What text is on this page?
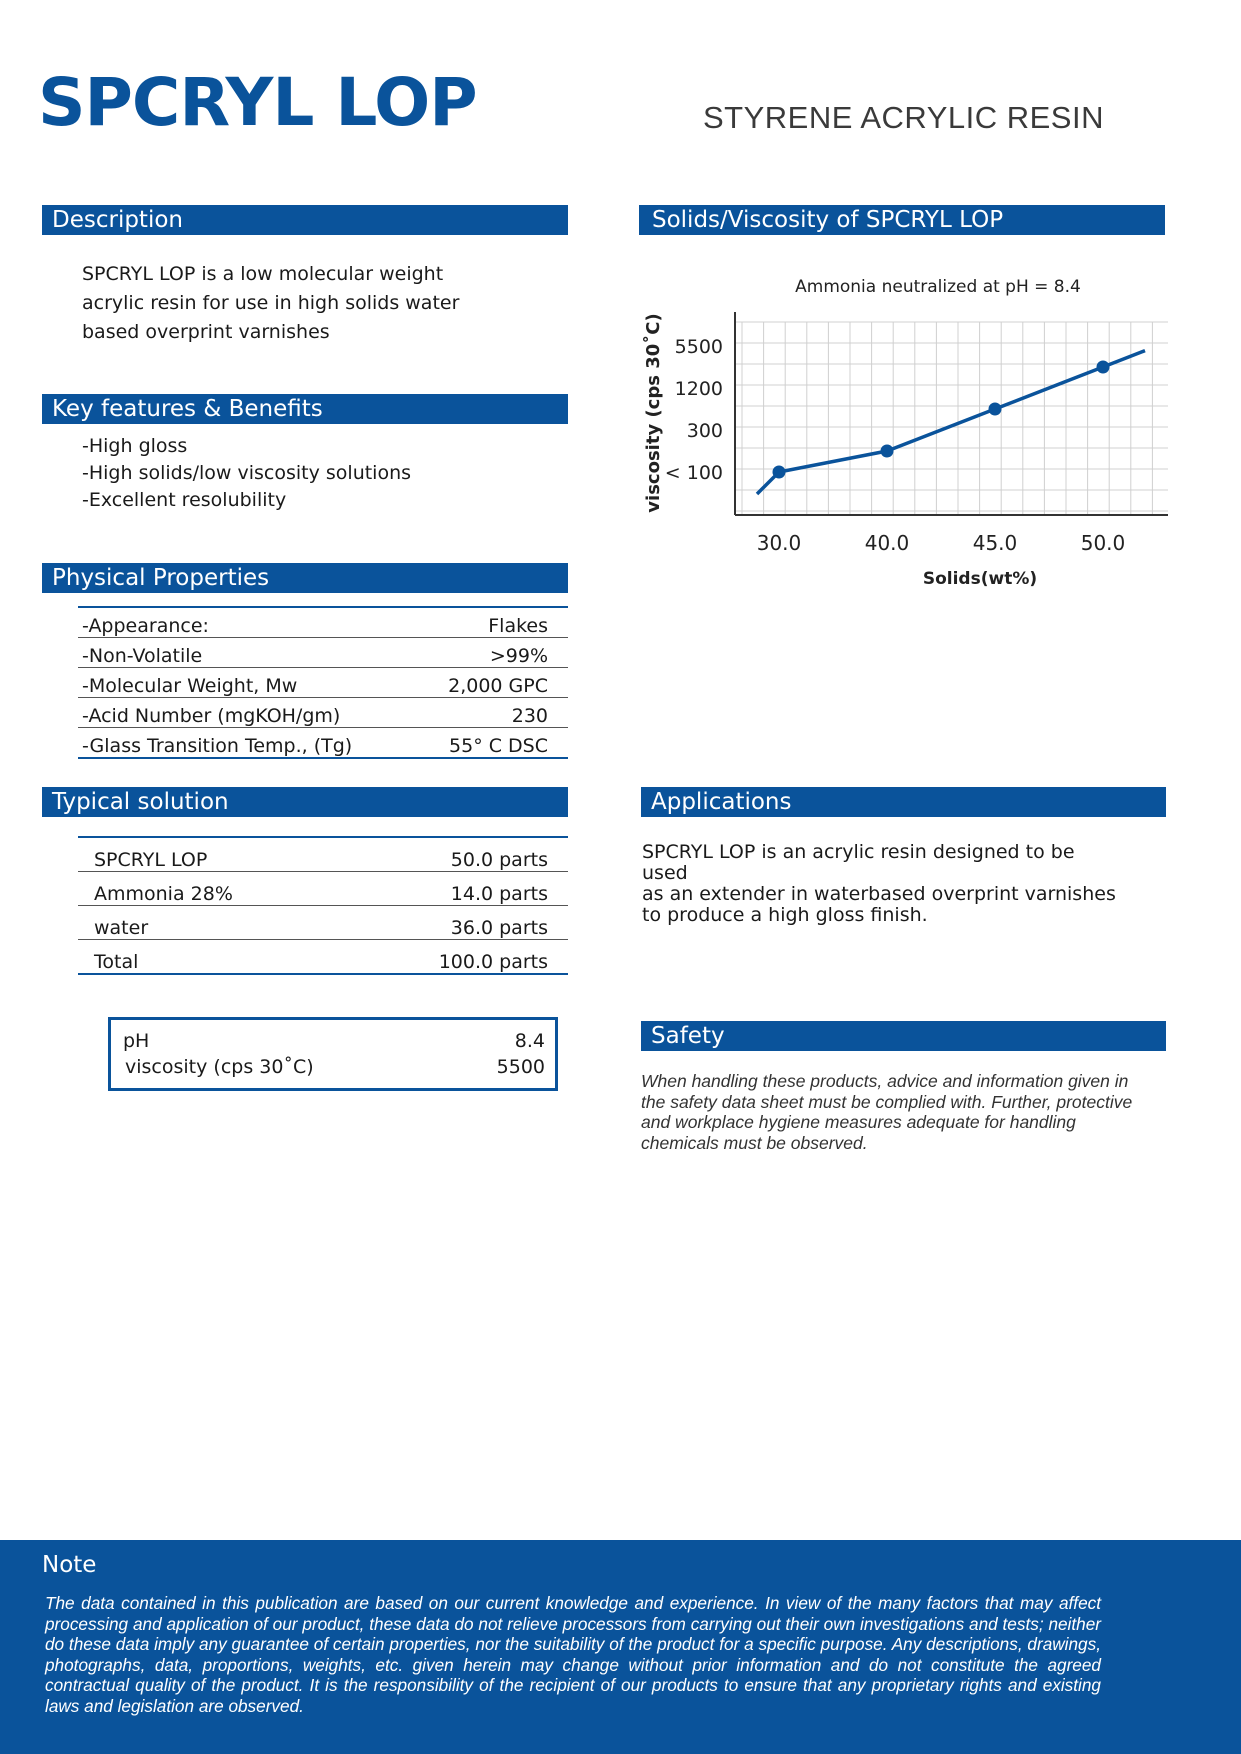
SPCRYL LOP	STYRENE ACRYLIC RESIN
Description
SPCRYL LOP is a low molecular weight
acrylic resin for use in high solids water
based overprint varnishes
Key features & Benefits
-High gloss
-High solids/low viscosity solutions
-Excellent resolubility
Physical Properties
-Appearance:	Flakes
-Non-Volatile	>99%
-Molecular Weight, Mw	2,000 GPC
-Acid Number (mgKOH/gm)	230
-Glass Transition Temp., (Tg)	55° C DSC
Typical solution
SPCRYL LOP	50.0 parts
Ammonia 28%	14.0 parts
water	36.0 parts
Total	100.0 parts
pH	8.4
viscosity (cps 30˚C)	5500
Solids/Viscosity of SPCRYL LOP
Ammonia neutralized at pH = 8.4
< 100
300
1200
5500
30.0	40.0	45.0	50.0
Solids(wt%)
viscosity (cps 30˚C)
Applications
SPCRYL LOP is an acrylic resin designed to be used
as an extender in waterbased overprint varnishes
to produce a high gloss finish.
Safety
When handling these products, advice and information given in
the safety data sheet must be complied with. Further, protective
and workplace hygiene measures adequate for handling
chemicals must be observed.
Note
The data contained in this publication are based on our current knowledge and experience. In view of the many factors that may affect processing and application of our product, these data do not relieve processors from carrying out their own investigations and tests; neither do these data imply any guarantee of certain properties, nor the suitability of the product for a specific purpose. Any descriptions, drawings, photographs, data, proportions, weights, etc. given herein may change without prior information and do not constitute the agreed contractual quality of the product. It is the responsibility of the recipient of our products to ensure that any proprietary rights and existing laws and legislation are observed.
